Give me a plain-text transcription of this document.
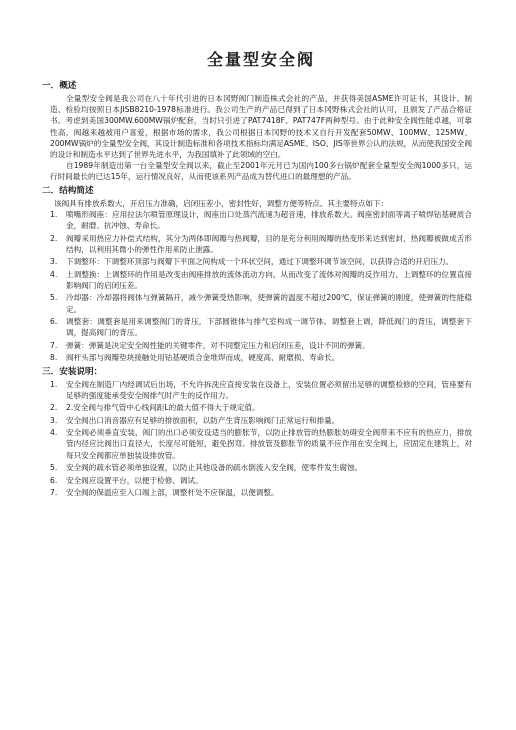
全量型安全阀
一．概述

全量型安全阀是我公司在八十年代引进的日本冈野阀门制造株式会社的产品，并获得美国ASME许可证书，其设计、制造、检验均按照日本JISB8210-1978标准进行。我公司生产的产品已得到了日本冈野株式会社的认可，且颁发了产品合格证书。考虑到美国300MW.600MW锅炉配套，当时只引进了PAT7418F、PAT747F两种型号。由于此种安全阀性能卓越，可靠性高，阀越来越被用户喜爱，根据市场的需求，我公司根据日本冈野的技术又自行开发配套50MW、100MW、125MW、200MW锅炉的全量型安全阀，其设计制造标准和各项技术指标均满足ASME、ISO、JIS等世界公认的法规，从而使我国安全阀的设计和制造水平达到了世界先进水平，为我国填补了此领域的空白。

自1989年制造出第一台全量型安全阀以来，截止至2001年元月已为国内100多台锅炉配套全量型安全阀1000多只，运行时间最长的已达15年，运行情况良好，从而使该系列产品成为替代进口的最理想的产品。

二．结构简述

该阀具有排放系数大，开启压力准确，启闭压差小，密封性好，调整方便等特点。其主要特点如下：

1.	喷嘴形阀座：应用拉法尔喷管原理设计，阀座出口处蒸汽流速为超音速，排放系数大。阀座密封面等离子喷焊钴基硬质合金，耐磨、抗冲蚀、寿命长。
2.	阀瓣采用热应力补偿式结构，其分为两体即阀瓣与热阀瓣，目的是充分利用阀瓣的热变形来达到密封，热阀瓣被做成舌形结构，以利用其微小的弹性作用来防止泄露。
3.	下调整环：下调整环顶部与阀瓣下平面之间构成一个环状空间，通过下调整环调节该空间，以获得合适的开启压力。
4.	上调整换：上调整环的作用是改变由阀座排放的流体流动方向，从而改变了流体对阀瓣的反作用力，上调整环的位置直接影响阀门的启闭压差。
5.	冷却器：冷却器将阀体与弹簧隔开，减少弹簧受热影响，使弹簧的温度不超过200℃，保证弹簧的刚度，使弹簧的性能稳定。
6.	调整套：调整套是用来调整阀门的背压，下部圆锥体与排气室构成一调节体。调整套上调，降低阀门的背压，调整套下调，提高阀门的背压。
7.	弹簧：弹簧是决定安全阀性能的关键零件，对不同整定压力和启闭压差，设计不同的弹簧。
8.	阀杆头部与阀瓣垫块接触处用钴基硬质合金堆焊而成，硬度高、耐磨损、寿命长。
三．安装说明：
1.	安全阀在制造厂内经调试后出场，不允许拆洗应直接安装在设备上，安装位置必须留出足够的调整检修的空间，管座要有足够的强度能承受安全阀排气时产生的反作用力。
2.	2.安全阀与排气管中心线间距L的最大值不得大于规定值。
3.	安全阀出口消音器应有足够的排放面积，以防产生背压影响阀门正常运行和排量。
4.	安全阀必须垂直安装，阀门的出口必须安设适当的膨胀节，以防止排放管的热膨胀妨碍安全阀带来不应有的热应力，排放管内径应比阀出口直径大，长度尽可能短，避免拐弯。排放管及膨胀节的质量不应作用在安全阀上，应固定在建筑上，对每只安全阀都应单独装设排放管。
5.	安全阀的疏水管必须单独设置，以防止其他设备的疏水倒流入安全阀，使零件发生腐蚀。
6.	安全阀应设置平台，以便于检修、调试。
7.	安全阀的保温应至入口端上部，调整杆处不应保温，以便调整。
